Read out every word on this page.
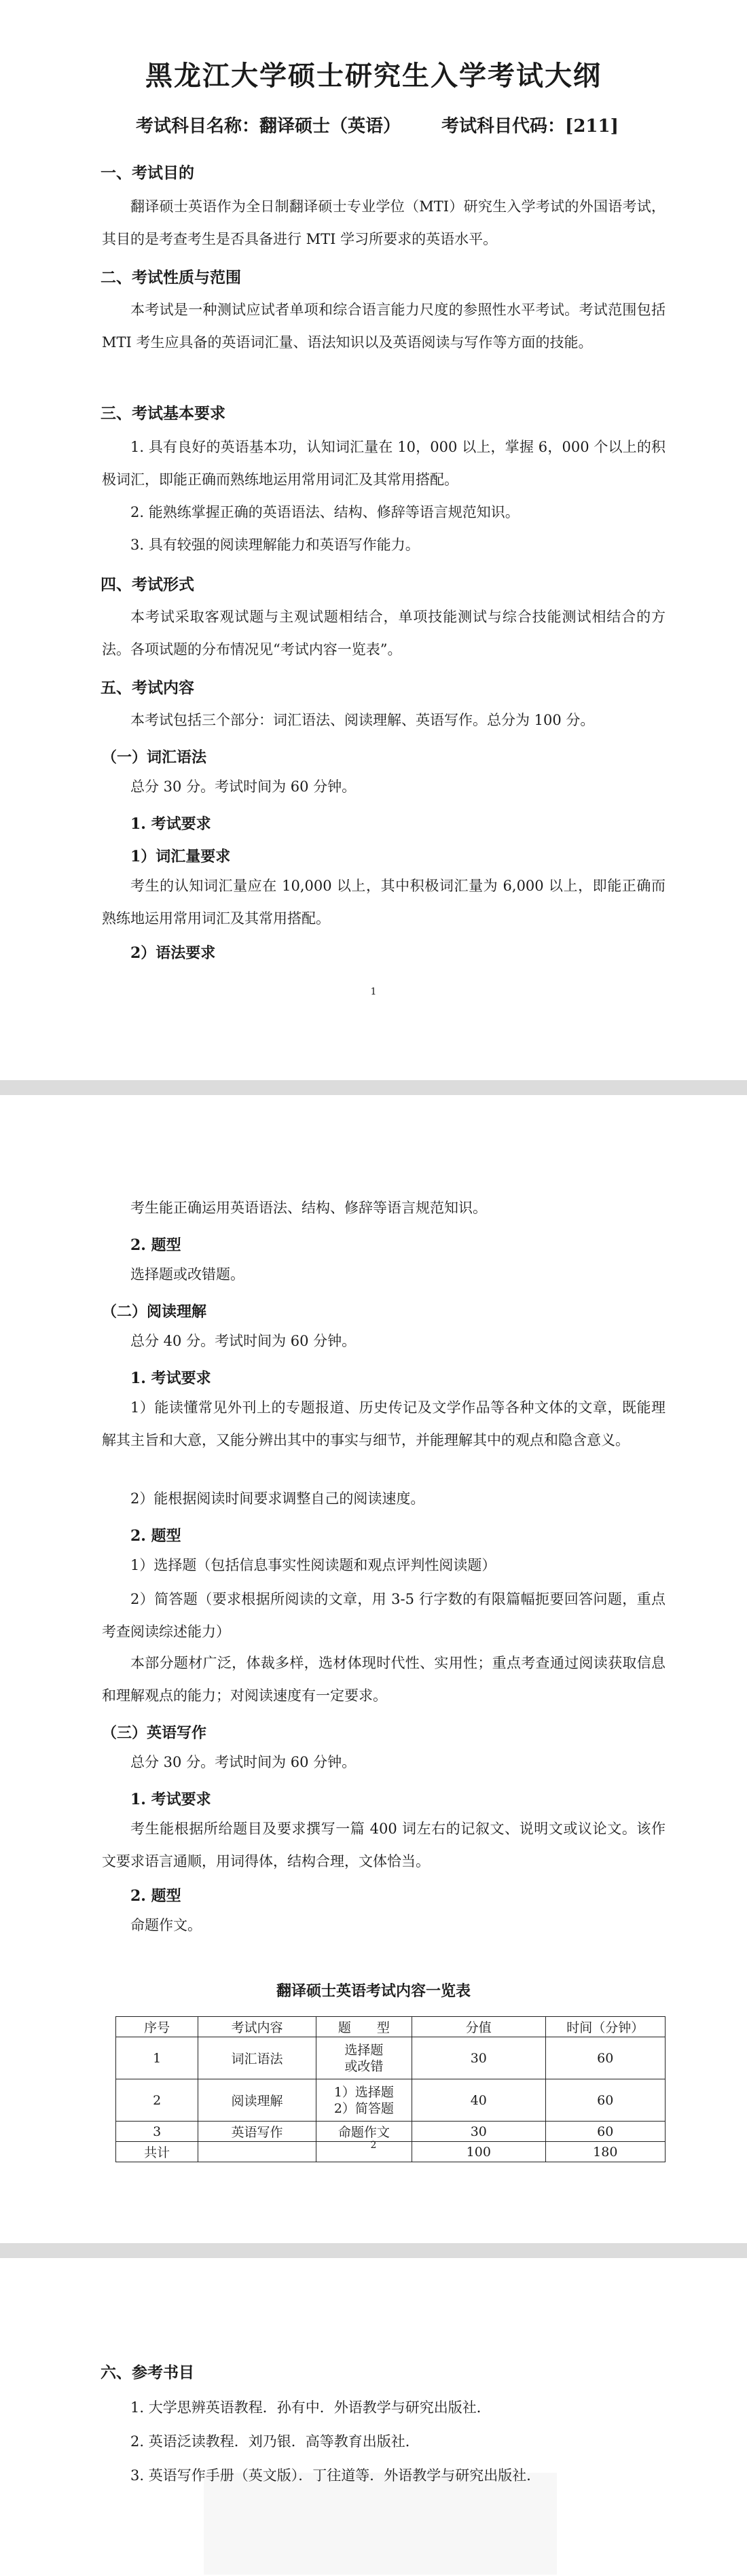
黑龙江大学硕士研究生入学考试大纲
考试科目名称：翻译硕士（英语） 考试科目代码：[211]
一、考试目的
翻译硕士英语作为全日制翻译硕士专业学位（MTI）研究生入学考试的外国语考试，其目的是考查考生是否具备进行 MTI 学习所要求的英语水平。
二、考试性质与范围
本考试是一种测试应试者单项和综合语言能力尺度的参照性水平考试。考试范围包括 MTI 考生应具备的英语词汇量、语法知识以及英语阅读与写作等方面的技能。
三、考试基本要求
1. 具有良好的英语基本功，认知词汇量在 10，000 以上，掌握 6，000 个以上的积极词汇，即能正确而熟练地运用常用词汇及其常用搭配。
2. 能熟练掌握正确的英语语法、结构、修辞等语言规范知识。
3. 具有较强的阅读理解能力和英语写作能力。
四、考试形式
本考试采取客观试题与主观试题相结合，单项技能测试与综合技能测试相结合的方法。各项试题的分布情况见“考试内容一览表”。
五、考试内容
本考试包括三个部分：词汇语法、阅读理解、英语写作。总分为 100 分。
（一）词汇语法
总分 30 分。考试时间为 60 分钟。
1. 考试要求
1）词汇量要求
考生的认知词汇量应在 10,000 以上，其中积极词汇量为 6,000 以上，即能正确而熟练地运用常用词汇及其常用搭配。
2）语法要求
1
考生能正确运用英语语法、结构、修辞等语言规范知识。
2. 题型
选择题或改错题。
（二）阅读理解
总分 40 分。考试时间为 60 分钟。
1. 考试要求
1）能读懂常见外刊上的专题报道、历史传记及文学作品等各种文体的文章，既能理解其主旨和大意，又能分辨出其中的事实与细节，并能理解其中的观点和隐含意义。
2）能根据阅读时间要求调整自己的阅读速度。
2. 题型
1）选择题（包括信息事实性阅读题和观点评判性阅读题）
2）简答题（要求根据所阅读的文章，用 3-5 行字数的有限篇幅扼要回答问题，重点考查阅读综述能力）
本部分题材广泛，体裁多样，选材体现时代性、实用性；重点考查通过阅读获取信息和理解观点的能力；对阅读速度有一定要求。
（三）英语写作
总分 30 分。考试时间为 60 分钟。
1. 考试要求
考生能根据所给题目及要求撰写一篇 400 词左右的记叙文、说明文或议论文。该作文要求语言通顺，用词得体，结构合理，文体恰当。
2. 题型
命题作文。
翻译硕士英语考试内容一览表
序号	考试内容	题　　型	分值	时间（分钟）
1	词汇语法	选择题
或改错	30	60
2	阅读理解	1）选择题
2）简答题	40	60
3	英语写作	命题作文	30	60
共计			100	180
2
六、参考书目
1. 大学思辨英语教程．孙有中．外语教学与研究出版社．
2. 英语泛读教程．刘乃银．高等教育出版社．
3. 英语写作手册（英文版）．丁往道等．外语教学与研究出版社．
